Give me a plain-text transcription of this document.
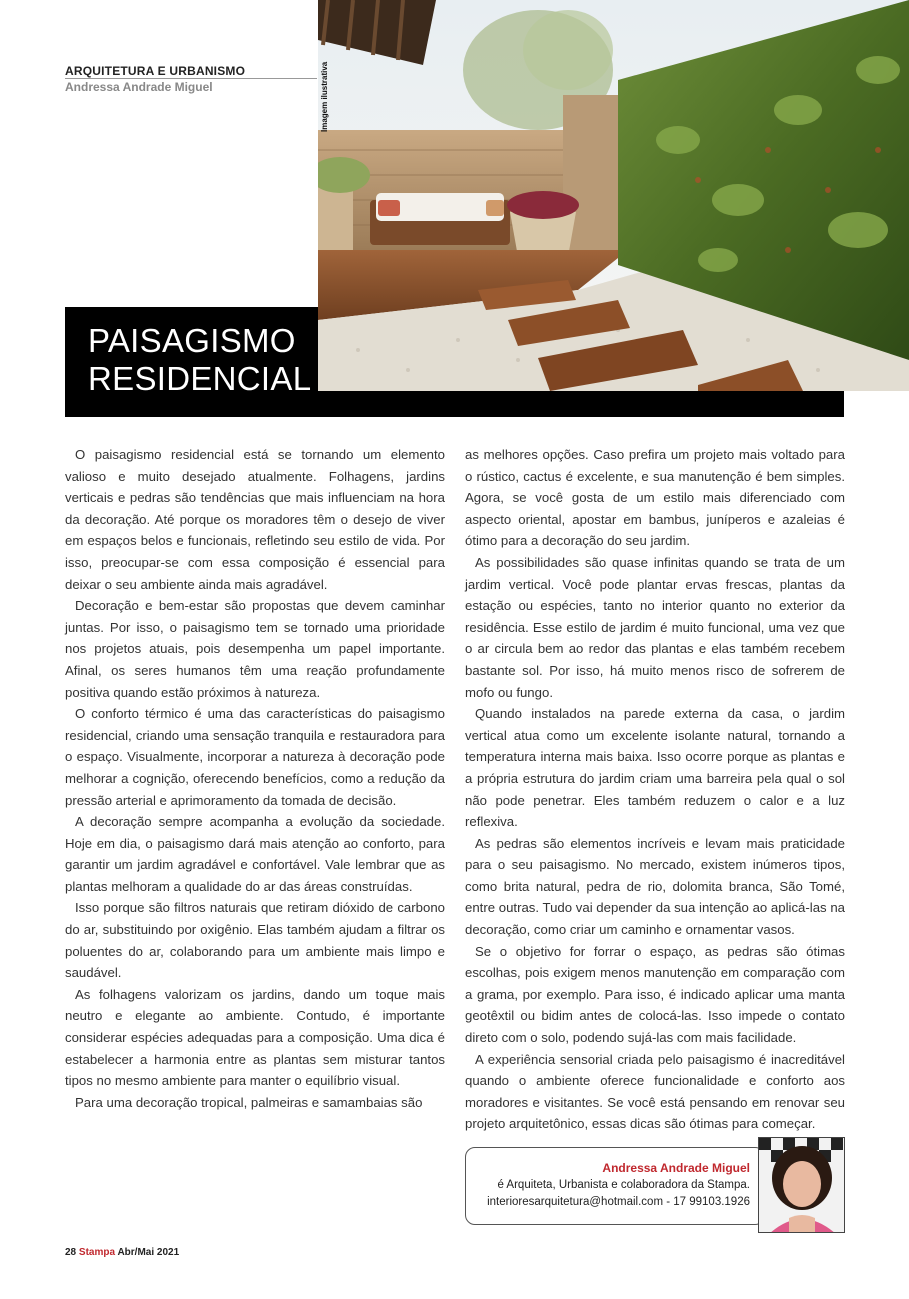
ARQUITETURA E URBANISMO
Andressa Andrade Miguel	Imagem ilustrativa
PAISAGISMO
RESIDENCIAL

O paisagismo residencial está se tornando um elemento valioso e muito desejado atualmente. Folhagens, jardins verticais e pedras são tendências que mais influenciam na hora da decoração. Até porque os moradores têm o desejo de viver em espaços belos e funcionais, refletindo seu estilo de vida. Por isso, preocupar-se com essa composição é essencial para deixar o seu ambiente ainda mais agradável.

Decoração e bem-estar são propostas que devem caminhar juntas. Por isso, o paisagismo tem se tornado uma prioridade nos projetos atuais, pois desempenha um papel importante. Afinal, os seres humanos têm uma reação profundamente positiva quando estão próximos à natureza.

O conforto térmico é uma das características do paisagismo residencial, criando uma sensação tranquila e restauradora para o espaço. Visualmente, incorporar a natureza à decoração pode melhorar a cognição, oferecendo benefícios, como a redução da pressão arterial e aprimoramento da tomada de decisão.

A decoração sempre acompanha a evolução da sociedade. Hoje em dia, o paisagismo dará mais atenção ao conforto, para garantir um jardim agradável e confortável. Vale lembrar que as plantas melhoram a qualidade do ar das áreas construídas.

Isso porque são filtros naturais que retiram dióxido de carbono do ar, substituindo por oxigênio. Elas também ajudam a filtrar os poluentes do ar, colaborando para um ambiente mais limpo e saudável.

As folhagens valorizam os jardins, dando um toque mais neutro e elegante ao ambiente. Contudo, é importante considerar espécies adequadas para a composição. Uma dica é estabelecer a harmonia entre as plantas sem misturar tantos tipos no mesmo ambiente para manter o equilíbrio visual.

Para uma decoração tropical, palmeiras e samambaias são

as melhores opções. Caso prefira um projeto mais voltado para o rústico, cactus é excelente, e sua manutenção é bem simples. Agora, se você gosta de um estilo mais diferenciado com aspecto oriental, apostar em bambus, juníperos e azaleias é ótimo para a decoração do seu jardim.

As possibilidades são quase infinitas quando se trata de um jardim vertical. Você pode plantar ervas frescas, plantas da estação ou espécies, tanto no interior quanto no exterior da residência. Esse estilo de jardim é muito funcional, uma vez que o ar circula bem ao redor das plantas e elas também recebem bastante sol. Por isso, há muito menos risco de sofrerem de mofo ou fungo.

Quando instalados na parede externa da casa, o jardim vertical atua como um excelente isolante natural, tornando a temperatura interna mais baixa. Isso ocorre porque as plantas e a própria estrutura do jardim criam uma barreira pela qual o sol não pode penetrar. Eles também reduzem o calor e a luz reflexiva.

As pedras são elementos incríveis e levam mais praticidade para o seu paisagismo. No mercado, existem inúmeros tipos, como brita natural, pedra de rio, dolomita branca, São Tomé, entre outras. Tudo vai depender da sua intenção ao aplicá-las na decoração, como criar um caminho e ornamentar vasos.

Se o objetivo for forrar o espaço, as pedras são ótimas escolhas, pois exigem menos manutenção em comparação com a grama, por exemplo. Para isso, é indicado aplicar uma manta geotêxtil ou bidim antes de colocá-las. Isso impede o contato direto com o solo, podendo sujá-las com mais facilidade.

A experiência sensorial criada pelo paisagismo é inacreditável quando o ambiente oferece funcionalidade e conforto aos moradores e visitantes. Se você está pensando em renovar seu projeto arquitetônico, essas dicas são ótimas para começar.

Andressa Andrade Miguel
é Arquiteta, Urbanista e colaboradora da Stampa.
interioresarquitetura@hotmail.com - 17 99103.1926
28 Stampa Abr/Mai 2021
